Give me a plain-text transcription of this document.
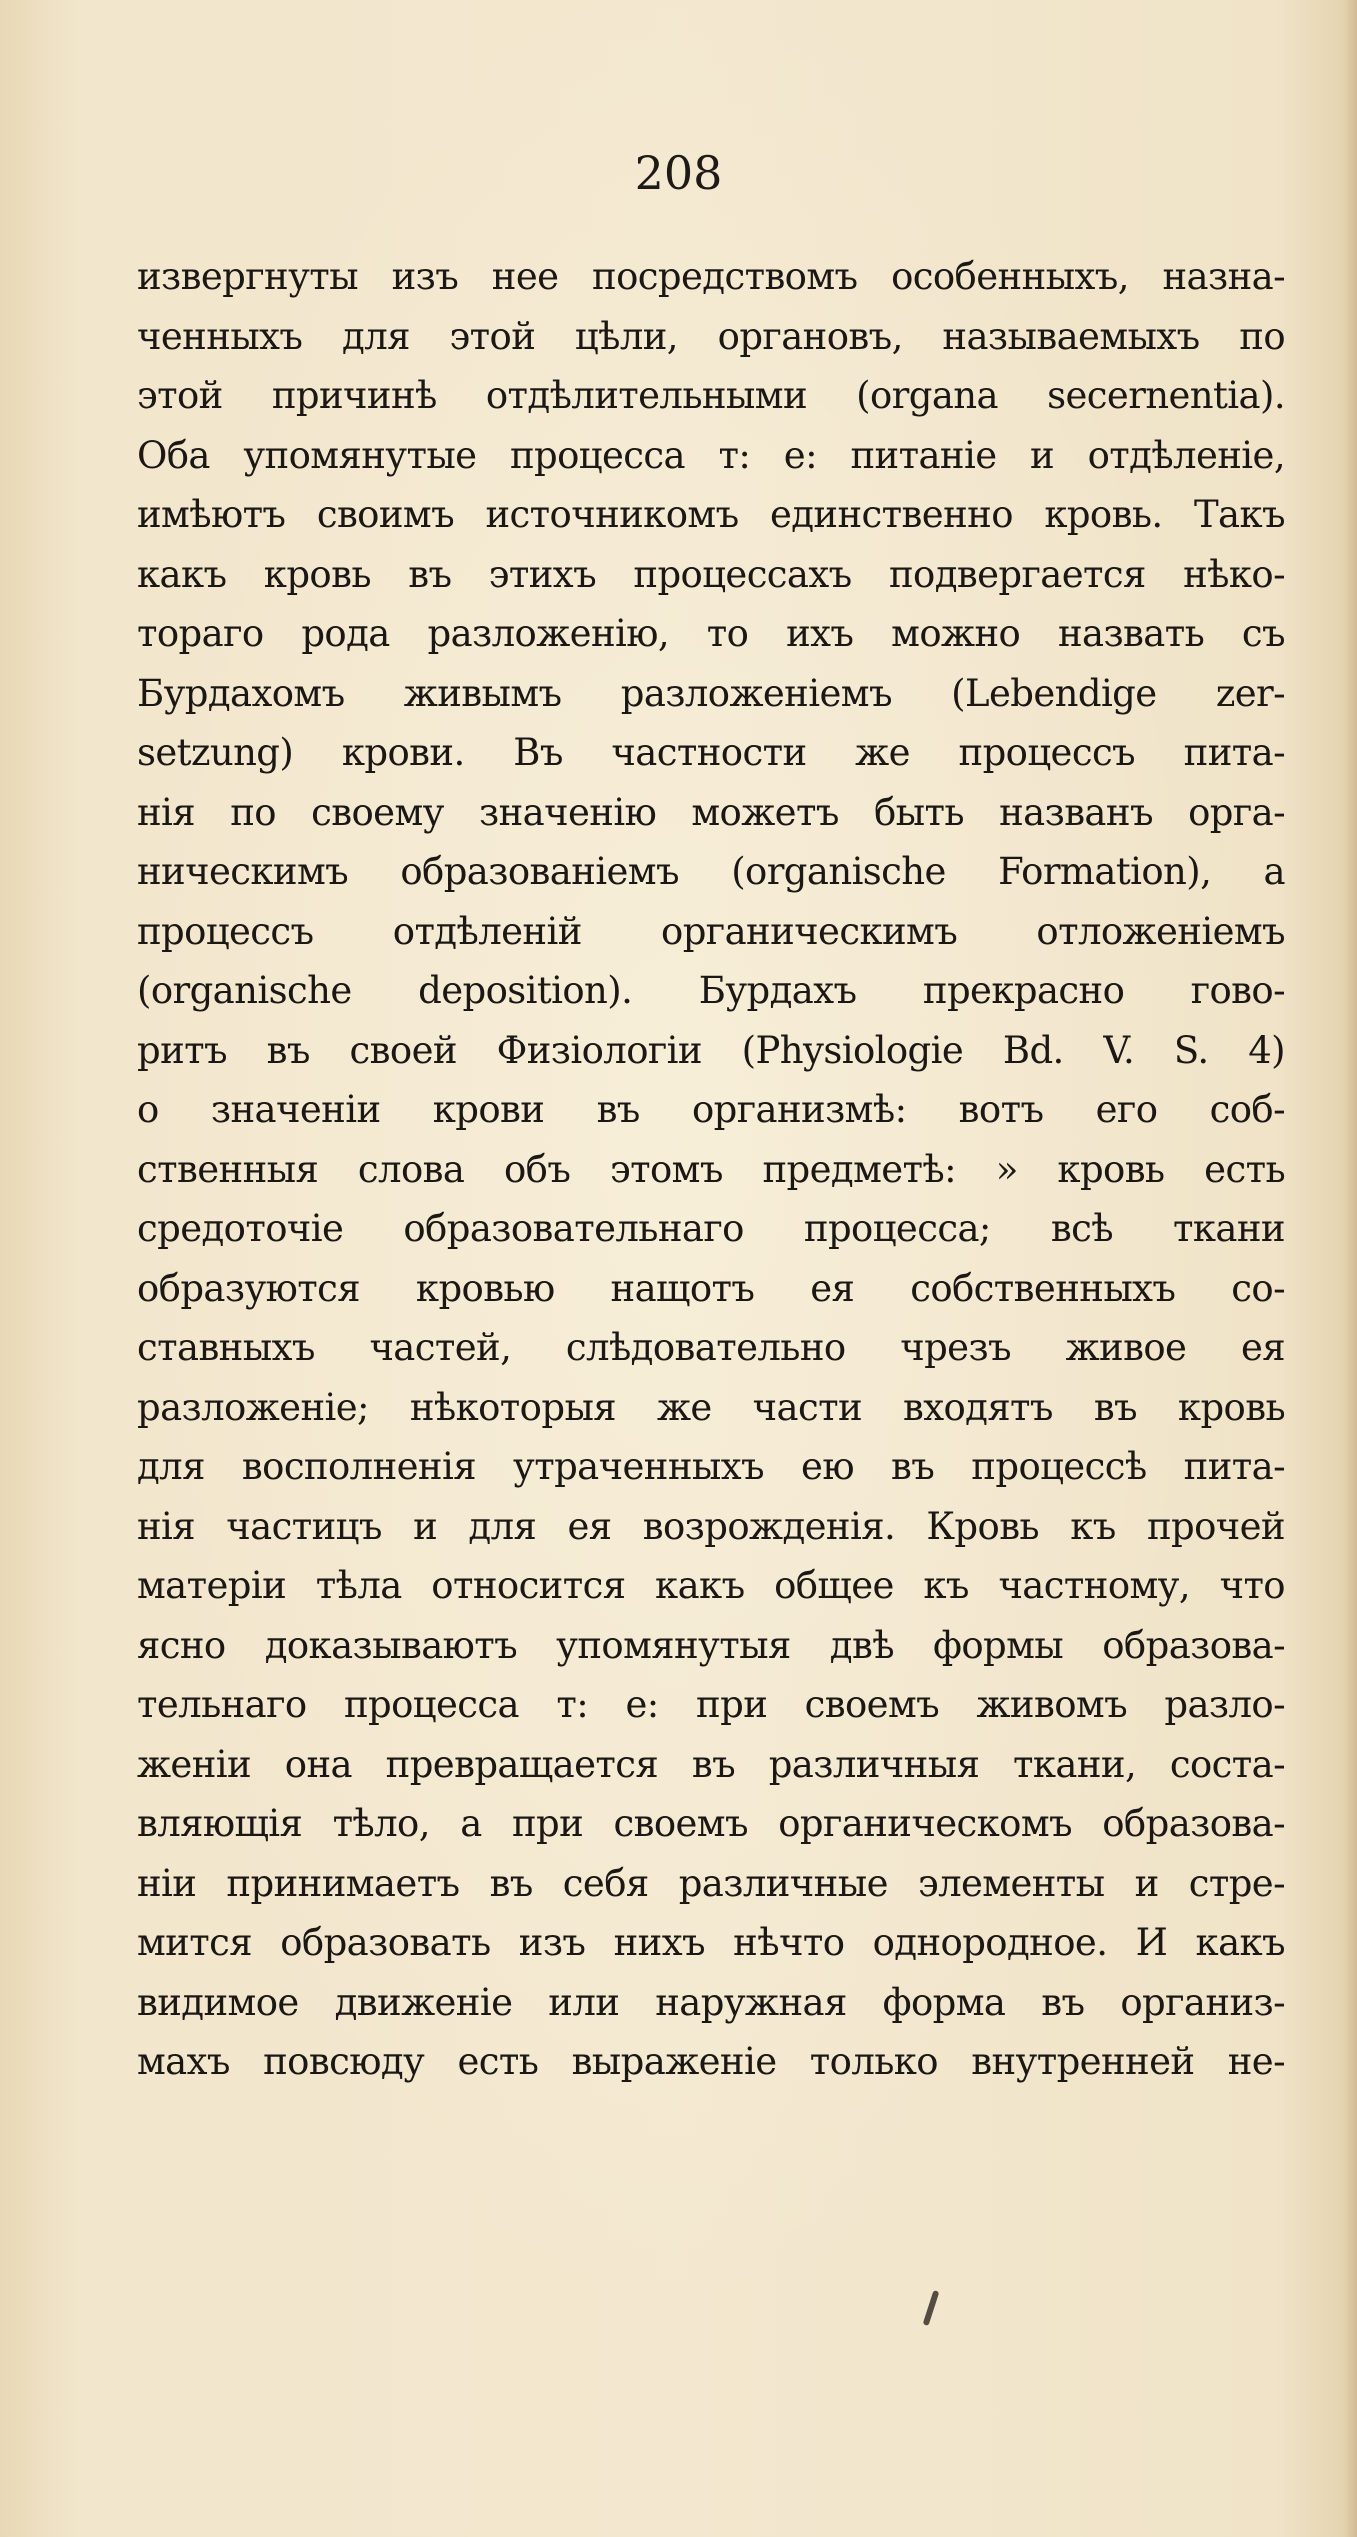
208
извергнуты изъ нее посредствомъ особенныхъ, назна-
ченныхъ для этой цѣли, органовъ, называемыхъ по
этой причинѣ отдѣлительными (organa secernentia).
Оба упомянутые процесса т: е: питанiе и отдѣленiе,
имѣютъ своимъ источникомъ единственно кровь. Такъ
какъ кровь въ этихъ процессахъ подвергается нѣко-
тораго рода разложенiю, то ихъ можно назвать съ
Бурдахомъ живымъ разложенiемъ (Lebendige zer-
setzung) крови. Въ частности же процессъ пита-
нiя по своему значенiю можетъ быть названъ орга-
ническимъ образованiемъ (organische Formation), а
процессъ отдѣленiй органическимъ отложенiемъ
(organische deposition). Бурдахъ прекрасно гово-
ритъ въ своей Физiологiи (Physiologie Bd. V. S. 4)
о значенiи крови въ организмѣ: вотъ его соб-
ственныя слова объ этомъ предметѣ: » кровь есть
средоточiе образовательнаго процесса; всѣ ткани
образуются кровью нащотъ ея собственныхъ со-
ставныхъ частей, слѣдовательно чрезъ живое ея
разложенiе; нѣкоторыя же части входятъ въ кровь
для восполненiя утраченныхъ ею въ процессѣ пита-
нiя частицъ и для ея возрожденiя. Кровь къ прочей
матерiи тѣла относится какъ общее къ частному, что
ясно доказываютъ упомянутыя двѣ формы образова-
тельнаго процесса т: е: при своемъ живомъ разло-
женiи она превращается въ различныя ткани, соста-
вляющiя тѣло, а при своемъ органическомъ образова-
нiи принимаетъ въ себя различные элементы и стре-
мится образовать изъ нихъ нѣчто однородное. И какъ
видимое движенiе или наружная форма въ организ-
махъ повсюду есть выраженiе только внутренней не-
